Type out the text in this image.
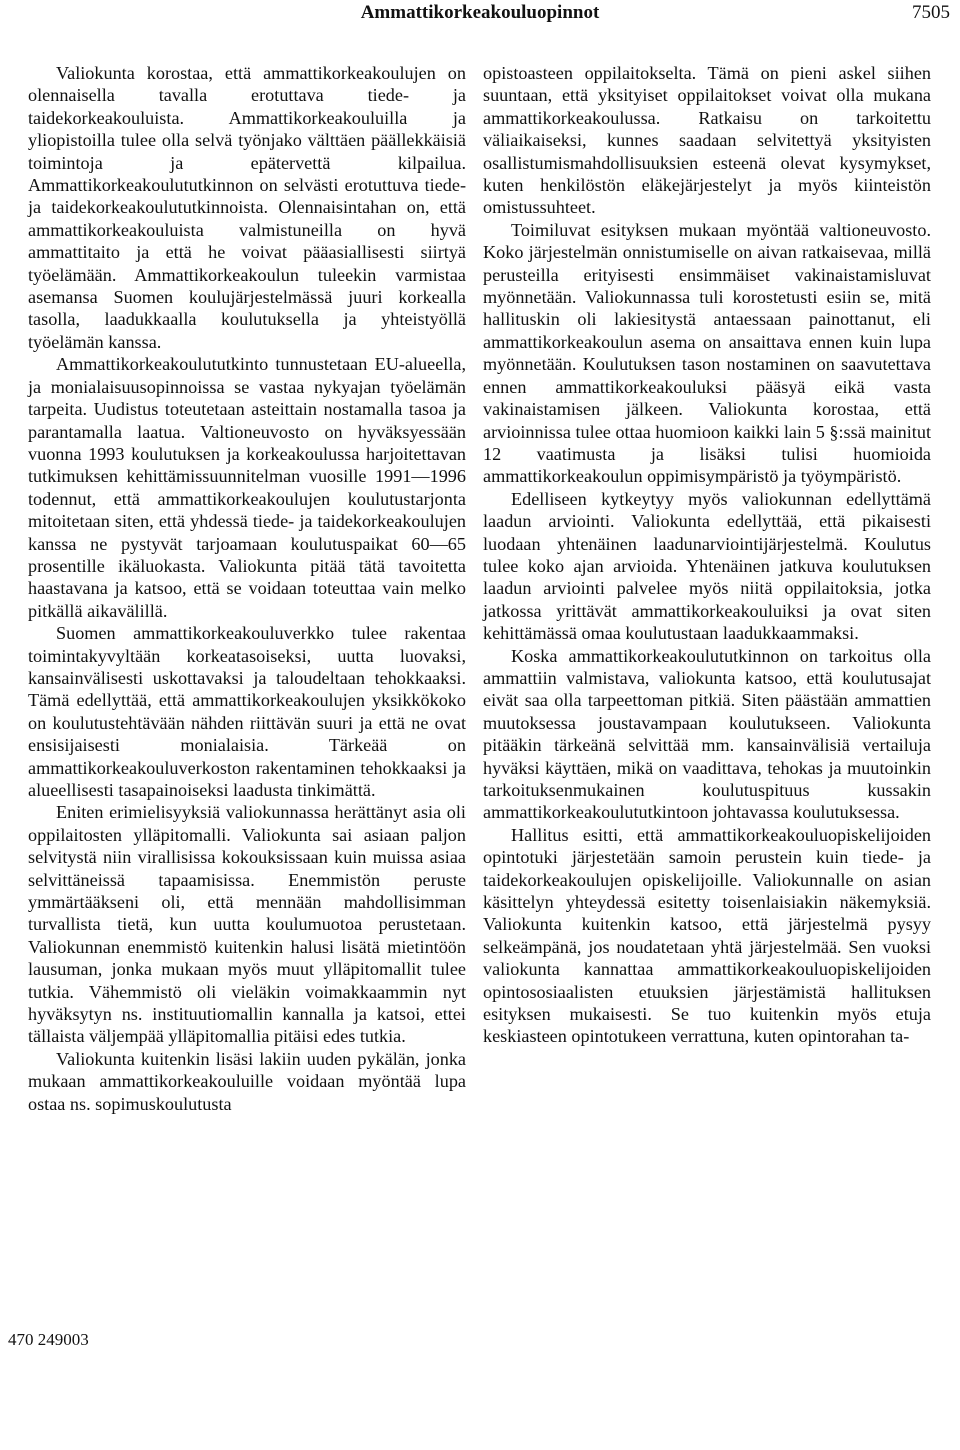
Ammattikorkeakouluopinnot	7505

Valiokunta korostaa, että ammattikorkeakoulujen on olennaisella tavalla erotuttava tiede- ja taidekorkeakouluista. Ammattikorkeakouluilla ja yliopistoilla tulee olla selvä työnjako välttäen päällekkäisiä toimintoja ja epätervettä kilpailua. Ammattikorkeakoulututkinnon on selvästi erotuttuva tiede- ja taidekorkeakoulututkinnoista. Olennaisintahan on, että ammattikorkeakouluista valmistuneilla on hyvä ammattitaito ja että he voivat pääasiallisesti siirtyä työelämään. Ammattikorkeakoulun tuleekin varmistaa asemansa Suomen koulujärjestelmässä juuri korkealla tasolla, laadukkaalla koulutuksella ja yhteistyöllä työelämän kanssa.

Ammattikorkeakoulututkinto tunnustetaan EU-alueella, ja monialaisuusopinnoissa se vastaa nykyajan työelämän tarpeita. Uudistus toteutetaan asteittain nostamalla tasoa ja parantamalla laatua. Valtioneuvosto on hyväksyessään vuonna 1993 koulutuksen ja korkeakoulussa harjoitettavan tutkimuksen kehittämissuunnitelman vuosille 1991—1996 todennut, että ammattikorkeakoulujen koulutustarjonta mitoitetaan siten, että yhdessä tiede- ja taidekorkeakoulujen kanssa ne pystyvät tarjoamaan koulutuspaikat 60—65 prosentille ikäluokasta. Valiokunta pitää tätä tavoitetta haastavana ja katsoo, että se voidaan toteuttaa vain melko pitkällä aikavälillä.

Suomen ammattikorkeakouluverkko tulee rakentaa toimintakyvyltään korkeatasoiseksi, uutta luovaksi, kansainvälisesti uskottavaksi ja taloudeltaan tehokkaaksi. Tämä edellyttää, että ammattikorkeakoulujen yksikkökoko on koulutustehtävään nähden riittävän suuri ja että ne ovat ensisijaisesti monialaisia. Tärkeää on ammattikorkeakouluverkoston rakentaminen tehokkaaksi ja alueellisesti tasapainoiseksi laadusta tinkimättä.

Eniten erimielisyyksiä valiokunnassa herättänyt asia oli oppilaitosten ylläpitomalli. Valiokunta sai asiaan paljon selvitystä niin virallisissa kokouksissaan kuin muissa asiaa selvittäneissä tapaamisissa. Enemmistön peruste ymmärtääkseni oli, että mennään mahdollisimman turvallista tietä, kun uutta koulumuotoa perustetaan. Valiokunnan enemmistö kuitenkin halusi lisätä mietintöön lausuman, jonka mukaan myös muut ylläpitomallit tulee tutkia. Vähemmistö oli vieläkin voimakkaammin nyt hyväksytyn ns. instituutiomallin kannalla ja katsoi, ettei tällaista väljempää ylläpitomallia pitäisi edes tutkia.

Valiokunta kuitenkin lisäsi lakiin uuden pykälän, jonka mukaan ammattikorkeakouluille voidaan myöntää lupa ostaa ns. sopimuskoulutusta

opistoasteen oppilaitokselta. Tämä on pieni askel siihen suuntaan, että yksityiset oppilaitokset voivat olla mukana ammattikorkeakoulussa. Ratkaisu on tarkoitettu väliaikaiseksi, kunnes saadaan selvitettyä yksityisten osallistumismahdollisuuksien esteenä olevat kysymykset, kuten henkilöstön eläkejärjestelyt ja myös kiinteistön omistussuhteet.

Toimiluvat esityksen mukaan myöntää valtioneuvosto. Koko järjestelmän onnistumiselle on aivan ratkaisevaa, millä perusteilla erityisesti ensimmäiset vakinaistamisluvat myönnetään. Valiokunnassa tuli korostetusti esiin se, mitä hallituskin oli lakiesitystä antaessaan painottanut, eli ammattikorkeakoulun asema on ansaittava ennen kuin lupa myönnetään. Koulutuksen tason nostaminen on saavutettava ennen ammattikorkeakouluksi pääsyä eikä vasta vakinaistamisen jälkeen. Valiokunta korostaa, että arvioinnissa tulee ottaa huomioon kaikki lain 5 §:ssä mainitut 12 vaatimusta ja lisäksi tulisi huomioida ammattikorkeakoulun oppimisympäristö ja työympäristö.

Edelliseen kytkeytyy myös valiokunnan edellyttämä laadun arviointi. Valiokunta edellyttää, että pikaisesti luodaan yhtenäinen laadunarviointijärjestelmä. Koulutus tulee koko ajan arvioida. Yhtenäinen jatkuva koulutuksen laadun arviointi palvelee myös niitä oppilaitoksia, jotka jatkossa yrittävät ammattikorkeakouluiksi ja ovat siten kehittämässä omaa koulutustaan laadukkaammaksi.

Koska ammattikorkeakoulututkinnon on tarkoitus olla ammattiin valmistava, valiokunta katsoo, että koulutusajat eivät saa olla tarpeettoman pitkiä. Siten päästään ammattien muutoksessa joustavampaan koulutukseen. Valiokunta pitääkin tärkeänä selvittää mm. kansainvälisiä vertailuja hyväksi käyttäen, mikä on vaadittava, tehokas ja muutoinkin tarkoituksenmukainen koulutuspituus kussakin ammattikorkeakoulututkintoon johtavassa koulutuksessa.

Hallitus esitti, että ammattikorkeakouluopiskelijoiden opintotuki järjestetään samoin perustein kuin tiede- ja taidekorkeakoulujen opiskelijoille. Valiokunnalle on asian käsittelyn yhteydessä esitetty toisenlaisiakin näkemyksiä. Valiokunta kuitenkin katsoo, että järjestelmä pysyy selkeämpänä, jos noudatetaan yhtä järjestelmää. Sen vuoksi valiokunta kannattaa ammattikorkeakouluopiskelijoiden opintososiaalisten etuuksien järjestämistä hallituksen esityksen mukaisesti. Se tuo kuitenkin myös etuja keskiasteen opintotukeen verrattuna, kuten opintorahan ta-

470 249003
